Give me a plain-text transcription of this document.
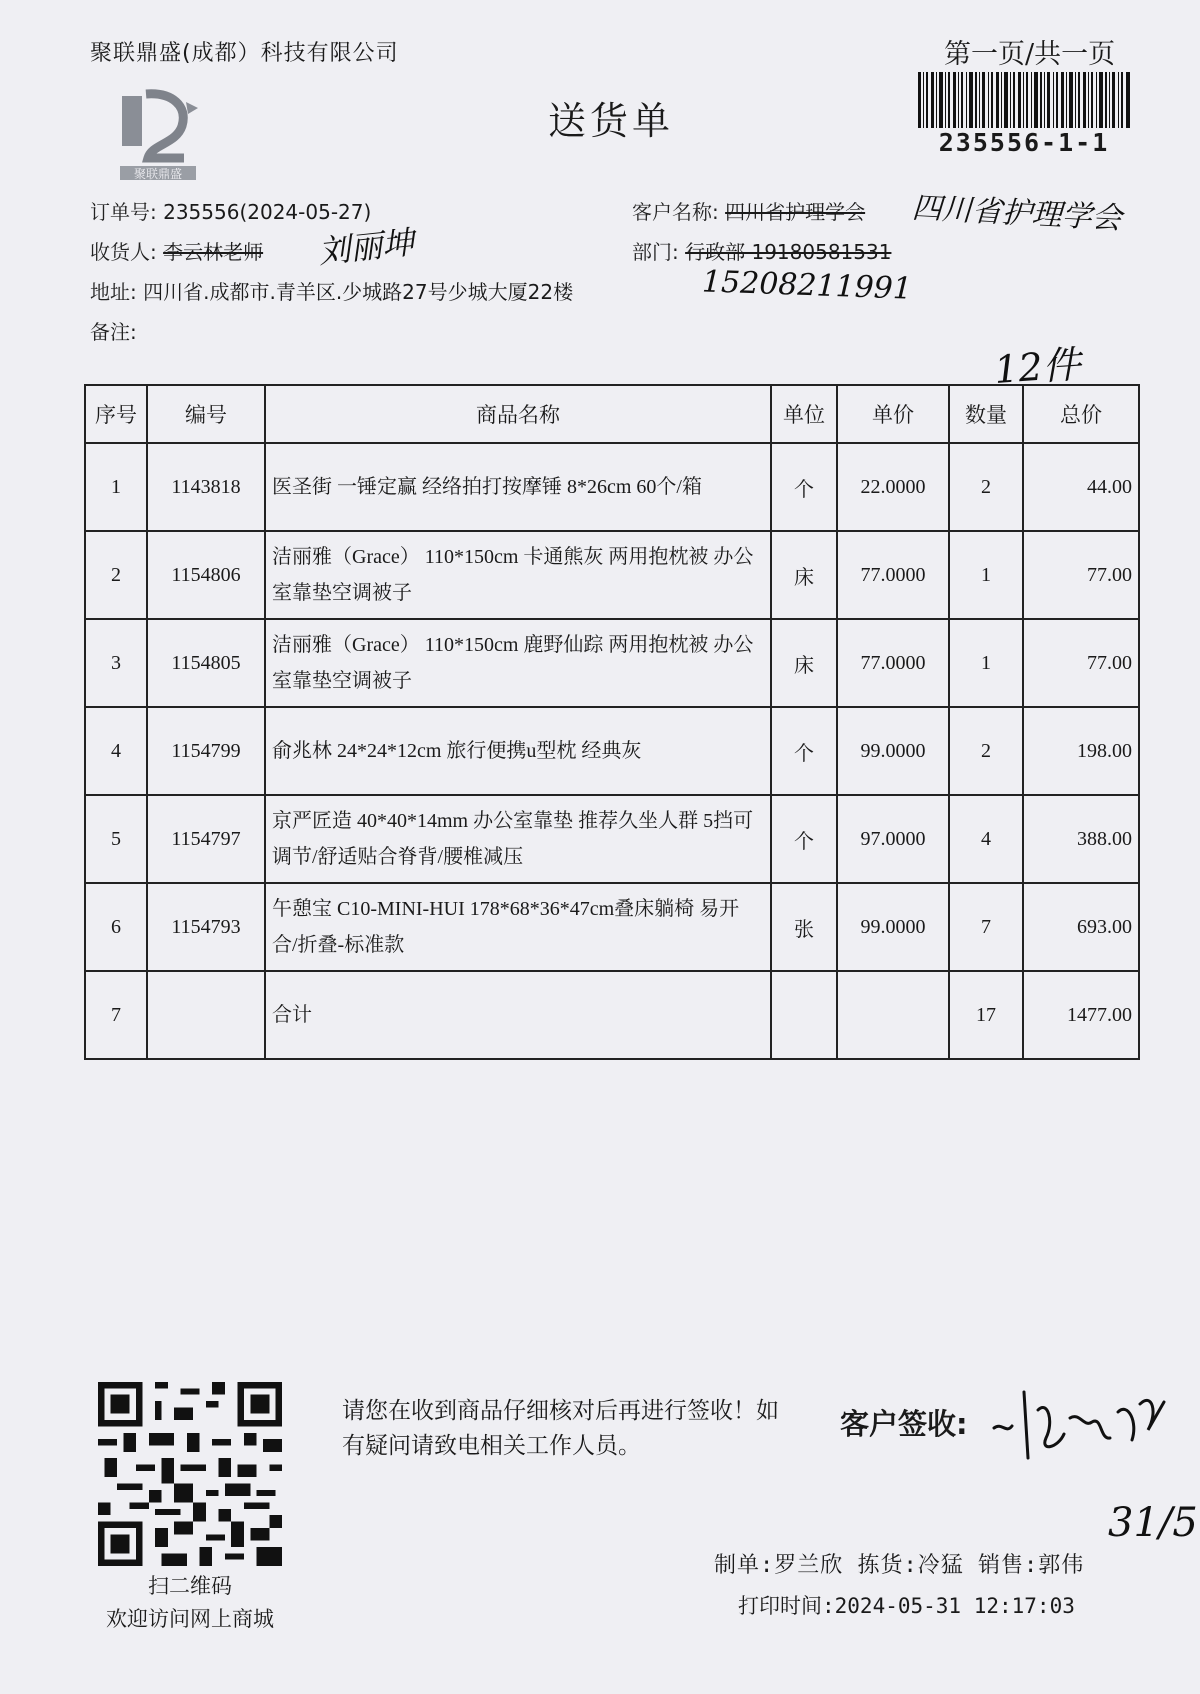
聚联鼎盛(成都）科技有限公司	第一页/共一页
235556-1-1
聚联鼎盛
送货单
订单号: 235556(2024-05-27)	客户名称: 四川省护理学会 四川省护理学会
收货人: 李云林老师 刘丽坤	部门: 行政部 19180581531
15208211991
地址: 四川省.成都市.青羊区.少城路27号少城大厦22楼
备注:
12件
序号	编号	商品名称	单位	单价	数量	总价
1	1143818	医圣街 一锤定赢 经络拍打按摩锤 8*26cm 60个/箱	个	22.0000	2	44.00
2	1154806	洁丽雅（Grace） 110*150cm 卡通熊灰 两用抱枕被 办公室靠垫空调被子	床	77.0000	1	77.00
3	1154805	洁丽雅（Grace） 110*150cm 鹿野仙踪 两用抱枕被 办公室靠垫空调被子	床	77.0000	1	77.00
4	1154799	俞兆林 24*24*12cm 旅行便携u型枕 经典灰	个	99.0000	2	198.00
5	1154797	京严匠造 40*40*14mm 办公室靠垫 推荐久坐人群 5挡可调节/舒适贴合脊背/腰椎减压	个	97.0000	4	388.00
6	1154793	午憩宝 C10-MINI-HUI 178*68*36*47cm叠床躺椅 易开合/折叠-标准款	张	99.0000	7	693.00
7		合计			17	1477.00
扫二维码
欢迎访问网上商城
请您在收到商品仔细核对后再进行签收！如有疑问请致电相关工作人员。
客户签收:
31/5
制单:罗兰欣 拣货:冷猛 销售:郭伟
打印时间:2024-05-31 12:17:03
